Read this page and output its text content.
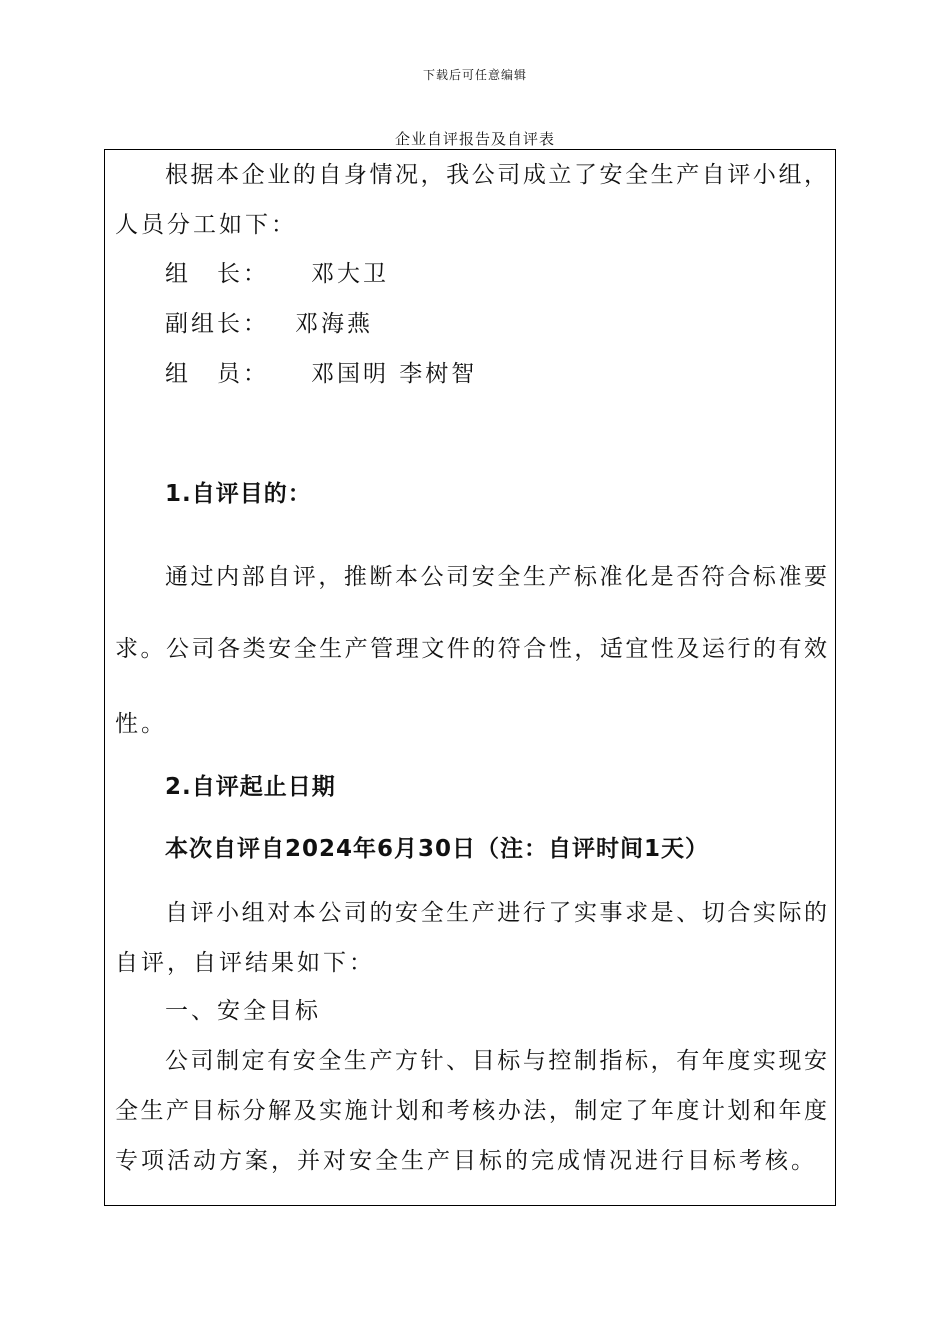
下载后可任意编辑
企业自评报告及自评表
根据本企业的自身情况，我公司成立了安全生产自评小组，
人员分工如下：
组　长： 邓大卫
副组长： 邓海燕
组　员： 邓国明 李树智
1.自评目的：
通过内部自评，推断本公司安全生产标准化是否符合标准要
求。公司各类安全生产管理文件的符合性，适宜性及运行的有效
性。
2.自评起止日期
本次自评自2024年6月30日（注：自评时间1天）
自评小组对本公司的安全生产进行了实事求是、切合实际的
自评，自评结果如下：
一、安全目标
公司制定有安全生产方针、目标与控制指标，有年度实现安
全生产目标分解及实施计划和考核办法，制定了年度计划和年度
专项活动方案，并对安全生产目标的完成情况进行目标考核。
